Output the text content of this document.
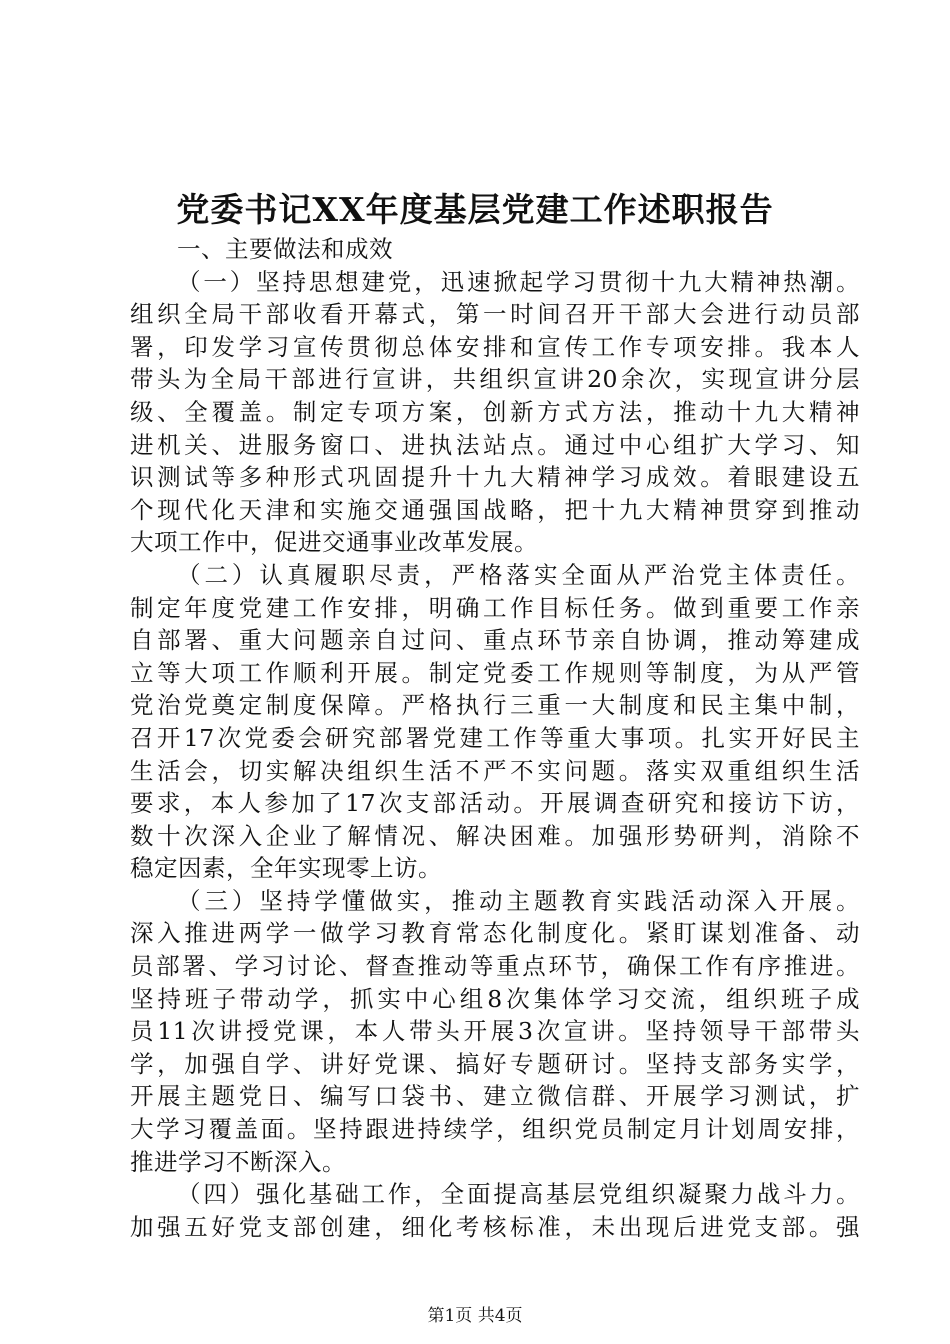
党委书记XX年度基层党建工作述职报告
一、主要做法和成效
（一）坚持思想建党，迅速掀起学习贯彻十九大精神热潮。
组织全局干部收看开幕式，第一时间召开干部大会进行动员部
署，印发学习宣传贯彻总体安排和宣传工作专项安排。我本人
带头为全局干部进行宣讲，共组织宣讲20余次，实现宣讲分层
级、全覆盖。制定专项方案，创新方式方法，推动十九大精神
进机关、进服务窗口、进执法站点。通过中心组扩大学习、知
识测试等多种形式巩固提升十九大精神学习成效。着眼建设五
个现代化天津和实施交通强国战略，把十九大精神贯穿到推动
大项工作中，促进交通事业改革发展。
（二）认真履职尽责，严格落实全面从严治党主体责任。
制定年度党建工作安排，明确工作目标任务。做到重要工作亲
自部署、重大问题亲自过问、重点环节亲自协调，推动筹建成
立等大项工作顺利开展。制定党委工作规则等制度，为从严管
党治党奠定制度保障。严格执行三重一大制度和民主集中制，
召开17次党委会研究部署党建工作等重大事项。扎实开好民主
生活会，切实解决组织生活不严不实问题。落实双重组织生活
要求，本人参加了17次支部活动。开展调查研究和接访下访，
数十次深入企业了解情况、解决困难。加强形势研判，消除不
稳定因素，全年实现零上访。
（三）坚持学懂做实，推动主题教育实践活动深入开展。
深入推进两学一做学习教育常态化制度化。紧盯谋划准备、动
员部署、学习讨论、督查推动等重点环节，确保工作有序推进。
坚持班子带动学，抓实中心组8次集体学习交流，组织班子成
员11次讲授党课，本人带头开展3次宣讲。坚持领导干部带头
学，加强自学、讲好党课、搞好专题研讨。坚持支部务实学，
开展主题党日、编写口袋书、建立微信群、开展学习测试，扩
大学习覆盖面。坚持跟进持续学，组织党员制定月计划周安排，
推进学习不断深入。
（四）强化基础工作，全面提高基层党组织凝聚力战斗力。
加强五好党支部创建，细化考核标准，未出现后进党支部。强
第1页 共4页
